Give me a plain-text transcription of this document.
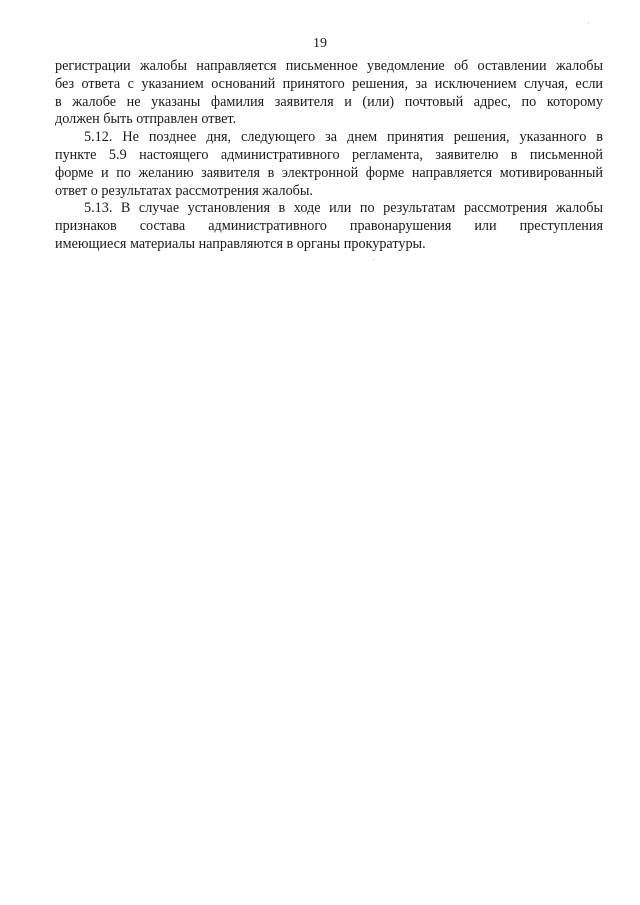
19
регистрации жалобы направляется письменное уведомление об оставлении жалобы
без ответа с указанием оснований принятого решения, за исключением случая, если
в жалобе не указаны фамилия заявителя и (или) почтовый адрес, по которому
должен быть отправлен ответ.
5.12. Не позднее дня, следующего за днем принятия решения, указанного в
пункте 5.9 настоящего административного регламента, заявителю в письменной
форме и по желанию заявителя в электронной форме направляется мотивированный
ответ о результатах рассмотрения жалобы.
5.13. В случае установления в ходе или по результатам рассмотрения жалобы
признаков состава административного правонарушения или преступления
имеющиеся материалы направляются в органы прокуратуры.
